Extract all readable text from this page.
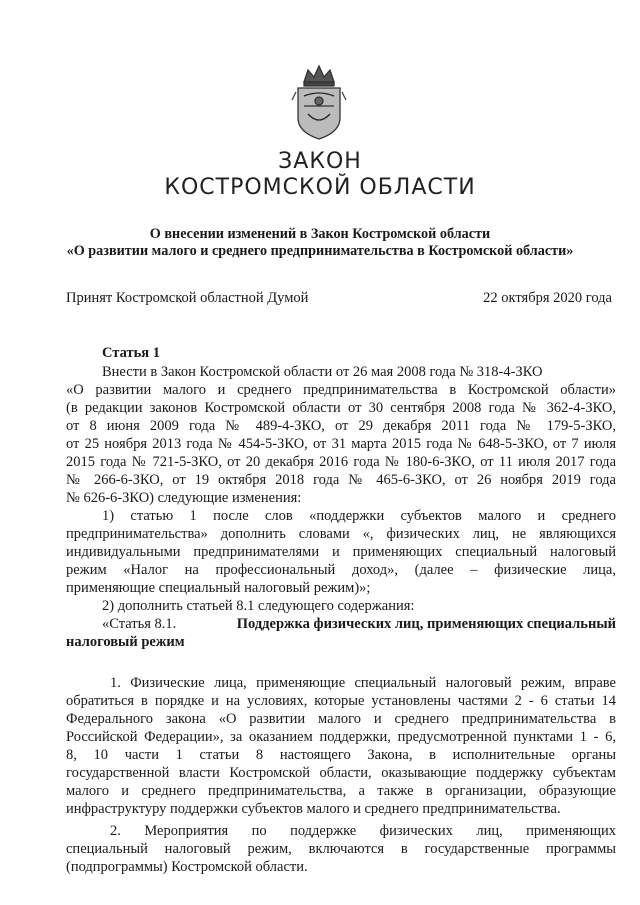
ЗАКОН
КОСТРОМСКОЙ ОБЛАСТИ
О внесении изменений в Закон Костромской области
«О развитии малого и среднего предпринимательства в Костромской области»
Принят Костромской областной Думой	22 октября 2020 года
Статья 1
Внести в Закон Костромской области от 26 мая 2008 года № 318-4-ЗКО
«О развитии малого и среднего предпринимательства в Костромской области»
(в редакции законов Костромской области от 30 сентября 2008 года № 362-4-ЗКО,
от 8 июня 2009 года № 489-4-ЗКО, от 29 декабря 2011 года № 179-5-ЗКО,
от 25 ноября 2013 года № 454-5-ЗКО, от 31 марта 2015 года № 648-5-ЗКО, от 7 июля
2015 года № 721-5-ЗКО, от 20 декабря 2016 года № 180-6-ЗКО, от 11 июля 2017 года
№ 266-6-ЗКО, от 19 октября 2018 года № 465-6-ЗКО, от 26 ноября 2019 года
№ 626-6-ЗКО) следующие изменения:
1) статью 1 после слов «поддержки субъектов малого и среднего
предпринимательства» дополнить словами «, физических лиц, не являющихся
индивидуальными предпринимателями и применяющих специальный налоговый
режим «Налог на профессиональный доход», (далее – физические лица,
применяющие специальный налоговый режим)»;
2) дополнить статьей 8.1 следующего содержания:
«Статья 8.1.	Поддержка физических лиц, применяющих специальный
налоговый режим
1. Физические лица, применяющие специальный налоговый режим, вправе
обратиться в порядке и на условиях, которые установлены частями 2 - 6 статьи 14
Федерального закона «О развитии малого и среднего предпринимательства в
Российской Федерации», за оказанием поддержки, предусмотренной пунктами 1 - 6,
8, 10 части 1 статьи 8 настоящего Закона, в исполнительные органы
государственной власти Костромской области, оказывающие поддержку субъектам
малого и среднего предпринимательства, а также в организации, образующие
инфраструктуру поддержки субъектов малого и среднего предпринимательства.
2. Мероприятия по поддержке физических лиц, применяющих
специальный налоговый режим, включаются в государственные программы
(подпрограммы) Костромской области.
